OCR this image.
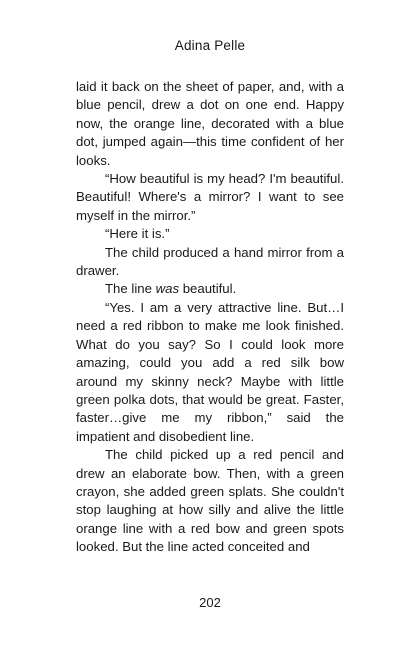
Adina Pelle

laid it back on the sheet of paper, and, with a blue pencil, drew a dot on one end. Happy now, the orange line, decorated with a blue dot, jumped again—this time confident of her looks.

“How beautiful is my head? I'm beautiful. Beautiful! Where's a mirror? I want to see myself in the mirror.”

“Here it is.”

The child produced a hand mirror from a drawer.

The line was beautiful.

“Yes. I am a very attractive line. But…I need a red ribbon to make me look finished. What do you say? So I could look more amazing, could you add a red silk bow around my skinny neck? Maybe with little green polka dots, that would be great. Faster, faster…give me my ribbon,” said the impatient and disobedient line.

The child picked up a red pencil and drew an elaborate bow. Then, with a green crayon, she added green splats. She couldn't stop laughing at how silly and alive the little orange line with a red bow and green spots looked. But the line acted conceited and

202
